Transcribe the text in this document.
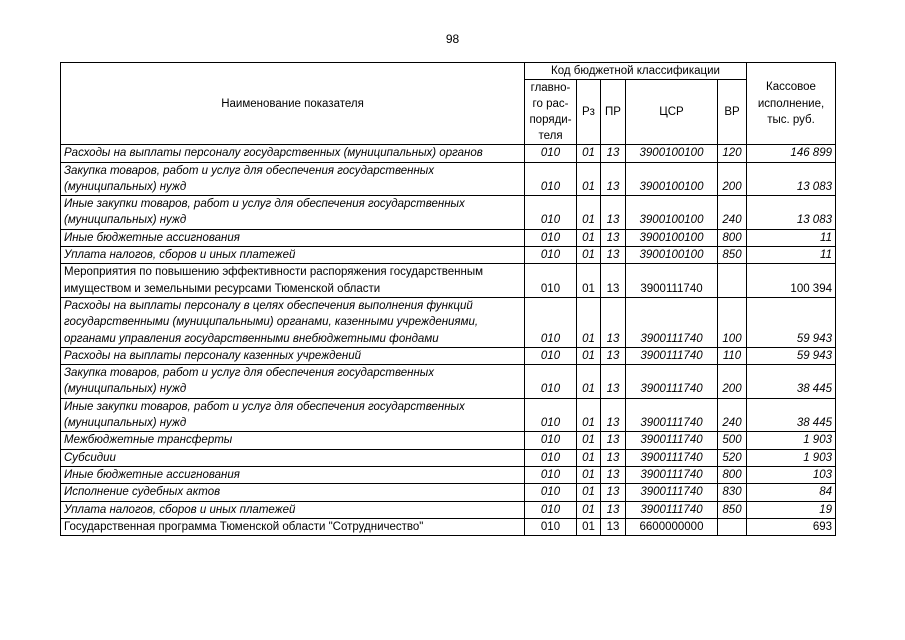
98
Наименование показателя	Код бюджетной классификации					Кассовое исполнение, тыс. руб.
	главно-го рас-поряди-теля	Рз	ПР	ЦСР	ВР	
Расходы на выплаты персоналу государственных (муниципальных) органов	010	01	13	3900100100	120	146 899
Закупка товаров, работ и услуг для обеспечения государственных (муниципальных) нужд	010	01	13	3900100100	200	13 083
Иные закупки товаров, работ и услуг для обеспечения государственных (муниципальных) нужд	010	01	13	3900100100	240	13 083
Иные бюджетные ассигнования	010	01	13	3900100100	800	11
Уплата налогов, сборов и иных платежей	010	01	13	3900100100	850	11
Мероприятия по повышению эффективности распоряжения государственным имуществом и земельными ресурсами Тюменской области	010	01	13	3900111740		100 394
Расходы на выплаты персоналу в целях обеспечения выполнения функций государственными (муниципальными) органами, казенными учреждениями, органами управления государственными внебюджетными фондами	010	01	13	3900111740	100	59 943
Расходы на выплаты персоналу казенных учреждений	010	01	13	3900111740	110	59 943
Закупка товаров, работ и услуг для обеспечения государственных (муниципальных) нужд	010	01	13	3900111740	200	38 445
Иные закупки товаров, работ и услуг для обеспечения государственных (муниципальных) нужд	010	01	13	3900111740	240	38 445
Межбюджетные трансферты	010	01	13	3900111740	500	1 903
Субсидии	010	01	13	3900111740	520	1 903
Иные бюджетные ассигнования	010	01	13	3900111740	800	103
Исполнение судебных актов	010	01	13	3900111740	830	84
Уплата налогов, сборов и иных платежей	010	01	13	3900111740	850	19
Государственная программа Тюменской области "Сотрудничество"	010	01	13	6600000000		693
